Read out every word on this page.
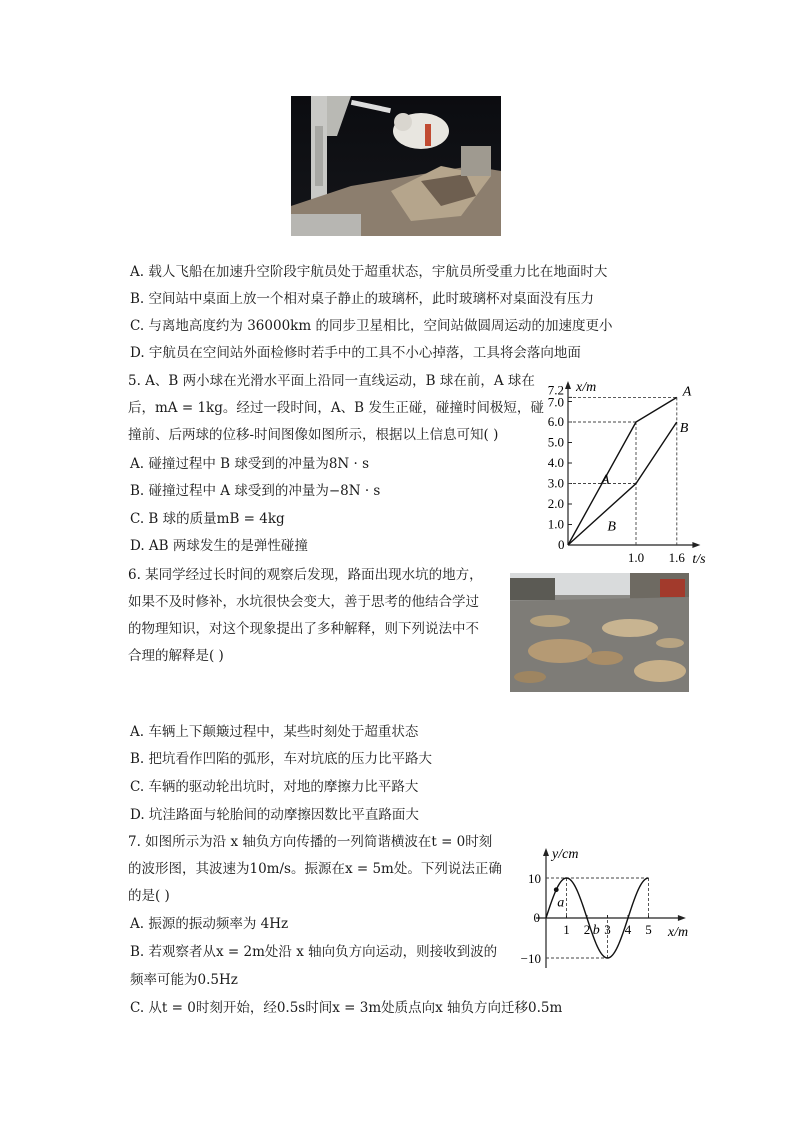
A. 载人飞船在加速升空阶段宇航员处于超重状态，宇航员所受重力比在地面时大
B. 空间站中桌面上放一个相对桌子静止的玻璃杯，此时玻璃杯对桌面没有压力
C. 与离地高度约为 36000km 的同步卫星相比，空间站做圆周运动的加速度更小
D. 宇航员在空间站外面检修时若手中的工具不小心掉落，工具将会落向地面
5. A、B 两小球在光滑水平面上沿同一直线运动，B 球在前，A 球在
后，mA = 1kg。经过一段时间，A、B 发生正碰，碰撞时间极短，碰
撞前、后两球的位移-时间图像如图所示，根据以上信息可知( )
A. 碰撞过程中 B 球受到的冲量为8N · s
B. 碰撞过程中 A 球受到的冲量为−8N · s
C. B 球的质量mB = 4kg
D. AB 两球发生的是弹性碰撞
x/m
t/s
0
1.0
2.0
3.0
4.0
5.0
6.0
7.0
7.2
1.0 1.6
A
B
A
B
6. 某同学经过长时间的观察后发现，路面出现水坑的地方，
如果不及时修补，水坑很快会变大，善于思考的他结合学过
的物理知识，对这个现象提出了多种解释，则下列说法中不
合理的解释是( )
A. 车辆上下颠簸过程中，某些时刻处于超重状态
B. 把坑看作凹陷的弧形，车对坑底的压力比平路大
C. 车辆的驱动轮出坑时，对地的摩擦力比平路大
D. 坑洼路面与轮胎间的动摩擦因数比平直路面大
7. 如图所示为沿 x 轴负方向传播的一列简谐横波在t = 0时刻
的波形图，其波速为10m/s。振源在x = 5m处。下列说法正确
的是( )
A. 振源的振动频率为 4Hz
B. 若观察者从x = 2m处沿 x 轴向负方向运动，则接收到波的
频率可能为0.5Hz
C. 从t = 0时刻开始，经0.5s时间x = 3m处质点向x 轴负方向迁移0.5m
y/cm
x/m
0
10
−10
1 2 3 4 5
a
b
